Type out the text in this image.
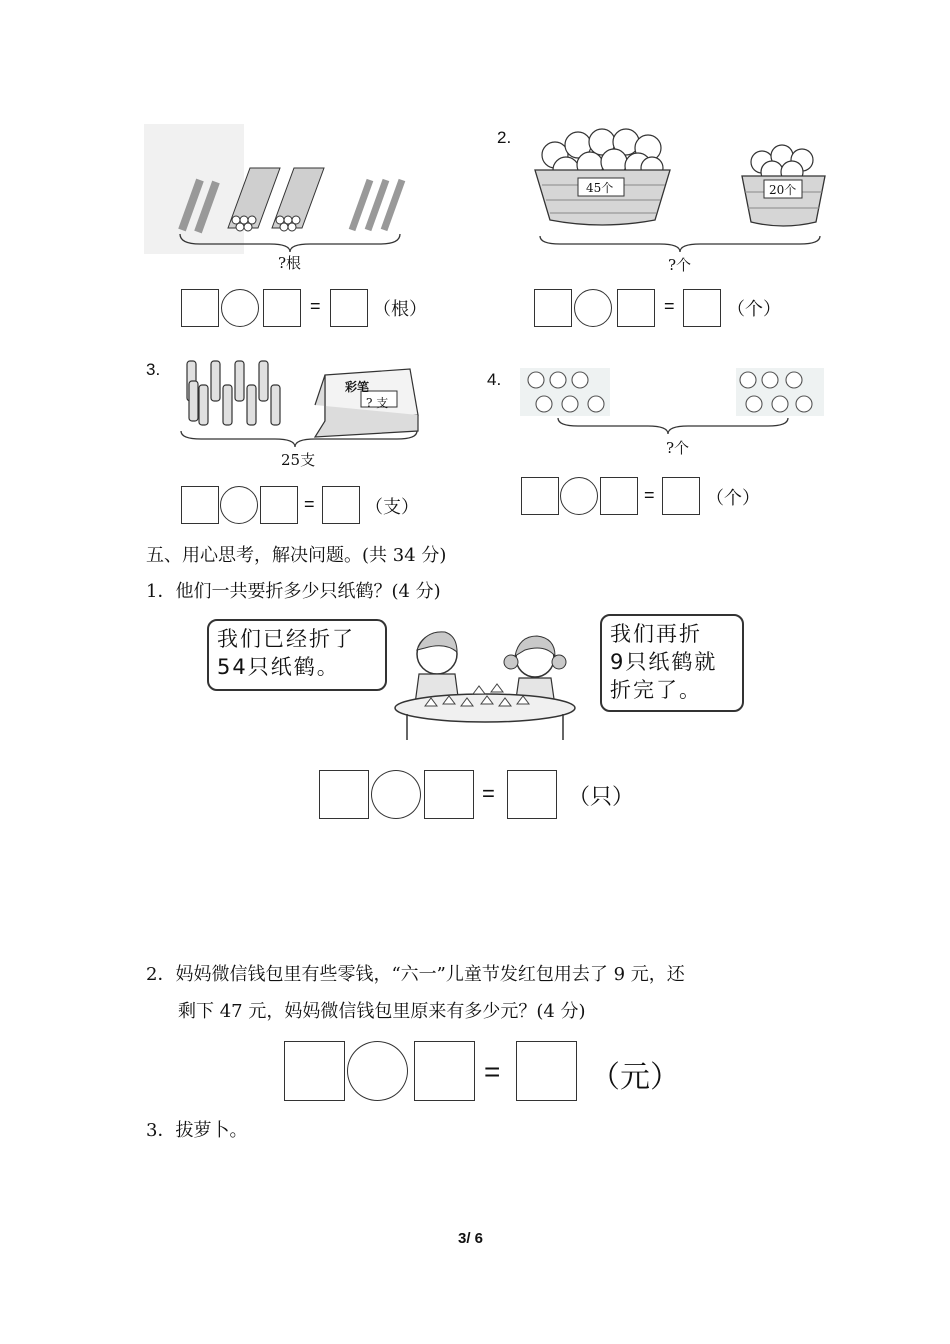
?根
=	（根）
2.
45个	20个
?个
=	（个）
3.
彩笔
? 支
25支
=	（支）
4.
?个
=	（个）
五、用心思考，解决问题。(共 34 分)
1．他们一共要折多少只纸鹤？(4 分)
我们已经折了
54只纸鹤。
我们再折
9只纸鹤就
折完了。
=	（只）
2．妈妈微信钱包里有些零钱，“六一”儿童节发红包用去了 9 元，还
剩下 47 元，妈妈微信钱包里原来有多少元？(4 分)
=	（元）
3．拔萝卜。
3/ 6
